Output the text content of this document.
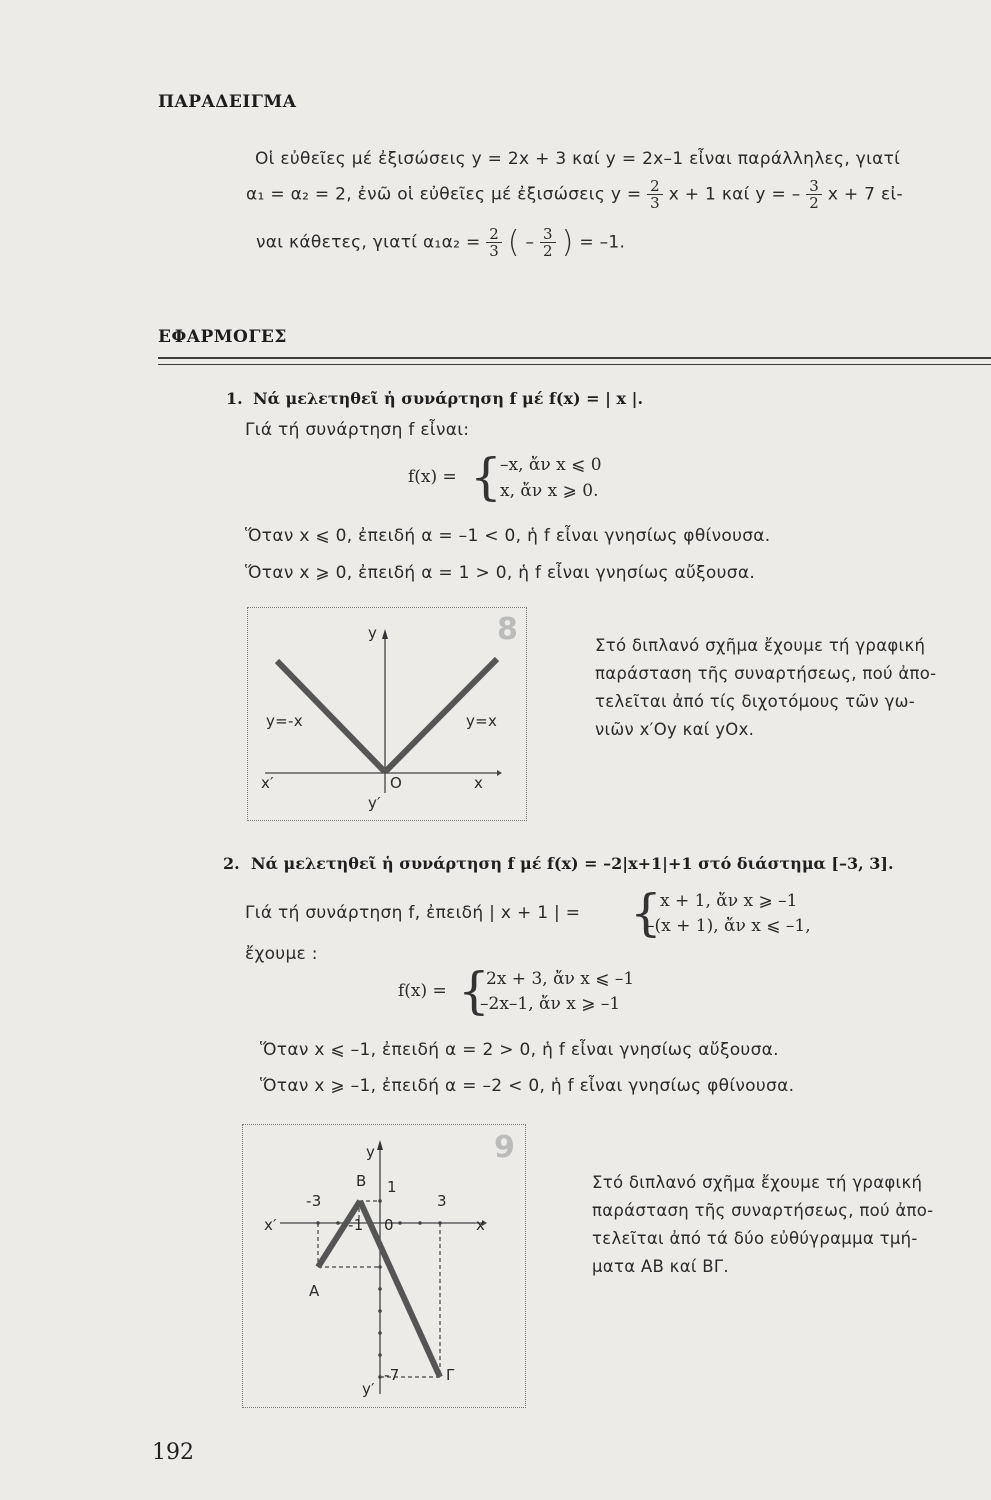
ΠΑΡΑΔΕΙΓΜΑ
Οἱ εὐθεῖες μέ ἐξισώσεις y = 2x + 3 καί y = 2x–1 εἶναι παράλληλες, γιατί
α₁ = α₂ = 2, ἐνῶ οἱ εὐθεῖες μέ ἐξισώσεις $y = \frac{2}{3}$ x + 1 καί y = – $\frac{3}{2}$ x + 7 εἰ-
ναι κάθετες, γιατί $\alpha_1\alpha_2 = \frac{2}{3}$ ( – $\frac{3}{2}$ ) = –1.
ΕΦΑΡΜΟΓΕΣ
1. Νά μελετηθεῖ ἡ συνάρτηση f μέ f(x) = | x |.
Γιά τή συνάρτηση f εἶναι:
f(x) = {
–x, ἄν x ⩽ 0
x, ἄν x ⩾ 0.
Ὅταν x ⩽ 0, ἐπειδή α = –1 < 0, ἡ f εἶναι γνησίως φθίνουσα.
Ὅταν x ⩾ 0, ἐπειδή α = 1 > 0, ἡ f εἶναι γνησίως αὔξουσα.
8
y
y=-x	y=x
x′	O	x
y′
Στό διπλανό σχῆμα ἔχουμε τή γραφική
παράσταση τῆς συναρτήσεως, πού ἀπο-
τελεῖται ἀπό τίς διχοτόμους τῶν γω-
νιῶν x′Oy καί yOx.
2. Νά μελετηθεῖ ἡ συνάρτηση f μέ f(x) = –2|x+1|+1 στό διάστημα [–3, 3].
Γιά τή συνάρτηση f, ἐπειδή | x + 1 | = {
x + 1, ἄν x ⩾ –1
–(x + 1), ἄν x ⩽ –1,
ἔχουμε :
f(x) = {
2x + 3, ἄν x ⩽ –1
–2x–1, ἄν x ⩾ –1
Ὅταν x ⩽ –1, ἐπειδή α = 2 > 0, ἡ f εἶναι γνησίως αὔξουσα.
Ὅταν x ⩾ –1, ἐπειδή α = –2 < 0, ἡ f εἶναι γνησίως φθίνουσα.
9
y
B 1
-3	3
x′	-1 0	x
A
-7	Γ
y′
Στό διπλανό σχῆμα ἔχουμε τή γραφική
παράσταση τῆς συναρτήσεως, πού ἀπο-
τελεῖται ἀπό τά δύο εὐθύγραμμα τμή-
ματα AB καί BΓ.
192
